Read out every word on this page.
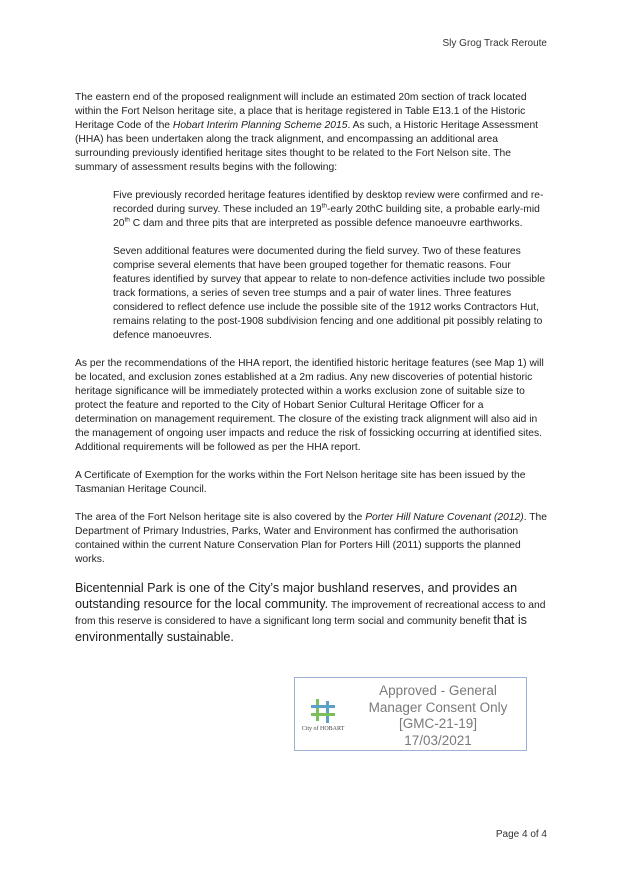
Sly Grog Track Reroute

The eastern end of the proposed realignment will include an estimated 20m section of track located within the Fort Nelson heritage site, a place that is heritage registered in Table E13.1 of the Historic Heritage Code of the Hobart Interim Planning Scheme 2015. As such, a Historic Heritage Assessment (HHA) has been undertaken along the track alignment, and encompassing an additional area surrounding previously identified heritage sites thought to be related to the Fort Nelson site. The summary of assessment results begins with the following:

Five previously recorded heritage features identified by desktop review were confirmed and re-recorded during survey. These included an 19th-early 20thC building site, a probable early-mid 20th C dam and three pits that are interpreted as possible defence manoeuvre earthworks.

Seven additional features were documented during the field survey. Two of these features comprise several elements that have been grouped together for thematic reasons. Four features identified by survey that appear to relate to non-defence activities include two possible track formations, a series of seven tree stumps and a pair of water lines. Three features considered to reflect defence use include the possible site of the 1912 works Contractors Hut, remains relating to the post-1908 subdivision fencing and one additional pit possibly relating to defence manoeuvres.

As per the recommendations of the HHA report, the identified historic heritage features (see Map 1) will be located, and exclusion zones established at a 2m radius. Any new discoveries of potential historic heritage significance will be immediately protected within a works exclusion zone of suitable size to protect the feature and reported to the City of Hobart Senior Cultural Heritage Officer for a determination on management requirement. The closure of the existing track alignment will also aid in the management of ongoing user impacts and reduce the risk of fossicking occurring at identified sites. Additional requirements will be followed as per the HHA report.

A Certificate of Exemption for the works within the Fort Nelson heritage site has been issued by the Tasmanian Heritage Council.

The area of the Fort Nelson heritage site is also covered by the Porter Hill Nature Covenant (2012). The Department of Primary Industries, Parks, Water and Environment has confirmed the authorisation contained within the current Nature Conservation Plan for Porters Hill (2011) supports the planned works.

Bicentennial Park is one of the City’s major bushland reserves, and provides an outstanding resource for the local community. The improvement of recreational access to and from this reserve is considered to have a significant long term social and community benefit that is environmentally sustainable.

City of HOBART
Approved - General
Manager Consent Only
[GMC-21-19]
17/03/2021
Page 4 of 4
